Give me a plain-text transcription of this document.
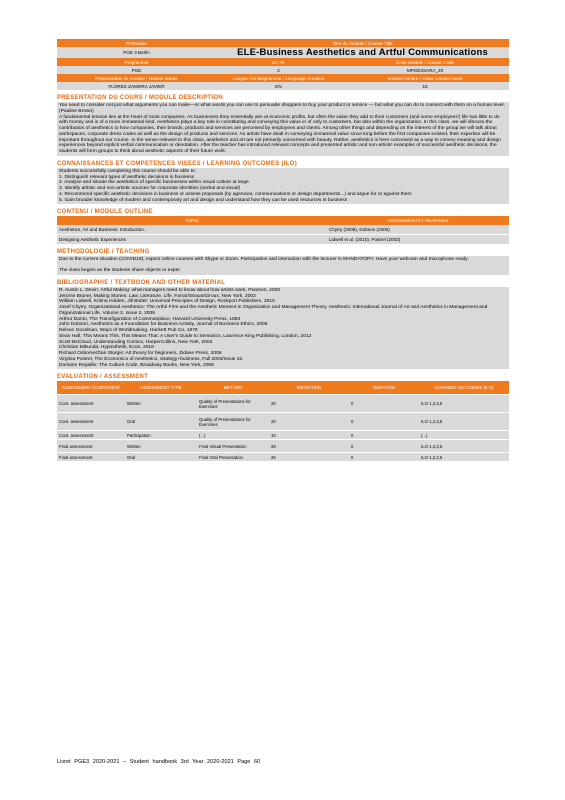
Promotion	Titre du module / Course Title	
PGE 3 Berlin	ELE-Business Aesthetics and Artful Communications	
Programme	ECTS	Code Module / Course Code
PGE	2	MPGE3SARA_20
Responsable de module / Module leader	Langue d'enseignement / Language of tuition	Volume horaire / Class contact hours
FLORES ZAMORA JAVIER	EN	15
PRESENTATION DU COURS / MODULE DESCRIPTION

You need to consider not just what arguments you can make—or what words you can use to persuade shoppers to buy your product or service — but what you can do to connect with them on a human level. (Pauline Brown)

A fundamental tension lies at the heart of most companies. As businesses they essentially aim at economic profits, but often the value they add to their customers (and some employees') life has little to do with money and is of a more immaterial kind. Aesthetics plays a key role in constituting and conveying this value in of only to customers, but also within the organization. In this class, we will discuss the contribution of aesthetics to how companies, their brands, products and services are perceived by employees and clients. Among other things and depending on the interest of the group we will talk about workspaces, corporate dress codes as well as the design of products and services. As artists have dealt in conveying immaterial value since long before the first companies existed, their expertise will be important throughout our course. In the sense relevant to this class, aesthetics and art are not primarily concerned with beauty. Rather, aesthetics is here conceived as a way to convey meaning and design experiences beyond explicit verbal communication or denotation. After the teacher has introduced relevant concepts and presented artistic and non-artistic examples of successful aesthetic decisions, the students will form groups to think about aesthetic aspects of their future work.

CONNAISSANCES ET COMPETENCES VISEES / LEARNING OUTCOMES (ILO)

Students successfully completing this course should be able to:

1. Distinguish relevant types of aesthetic decisions in business

2. Analyse and situate the aesthetics of specific businesses within visual culture at large

3. Identify artistic and non-artistic sources for corporate identities (verbal and visual)

4. Recommend specific aesthetic decisions in business or assess proposals (by agencies, communications or design departments...) and argue for or against them

5. Gain broader knowledge of modern and contemporary art and design and understand how they can be used resources in business

CONTENU / MODULE OUTLINE
TOPIC	ASSIGNMENTS / READINGS
Aesthetics, Art and Business: Introduction.	Chytry (2008), Dobson (2006)
Designing Aesthetic Experiences	Lidwell et al. (2010), Postrel (2003)
METHODOLOGIE / TEACHING

Due to the current situation (COVID19), expect online courses with Skype or Zoom. Participation and interaction with the lecturer is MANDATORY. Have your webcam and microphone ready.

The class begins as the students share objects or exper

BIBLIOGRAPHIE / TEXTBOOK AND OTHER MATERIAL

R. Austin L. Devin: Artful Making: what managers need to know about how artists work, Pearson, 2003

Jerome Bruner, Making Stories: Law, Literature, Life, Farrar/Straus/Giroux, New York, 2002

William Lidwell, Kritina Holden, Jill Butler: Universal Principles of Design, Rockport Publishers, 2010

Josef Chytry, Organizational Aesthetics: The Artful Firm and the Aesthetic Moment in Organization and Management Theory, Aesthesis: International Journal of Art and Aesthetics in Management and Organizational Life, Volume 2, Issue 2, 2008

Arthur Danto, The Transfiguration of Commonplace, Harvard University Press, 1983

John Dobson, Aesthetics as a Foundation for Business Activity, Journal of Business Ethics, 2006

Nelson Goodman, Ways of Worldmaking, Hackett Pub Co, 1978

Sean Hall, This Means This, This Means That: A User's Guide to Semiotics, Laurence King Publishing, London, 2012

Scott McCloud, Understanding Comics, HarperCollins, New York, 2004

Christian Mikunda, Hyposthetik, Econ, 2018

Richard Osborne/Dan Sturgis: Art theory for beginners, Zidane Press, 2006

Virginia Postrel, The Economics of Aesthetics, strategy+business, Fall 2003/Issue 32.

Dorlaine Repaille: The Culture Code, Broadway Books, New York, 2006

EVALUATION / ASSESSMENT
ASSESSMENT COMPONENT	ASSESSMENT TYPE	METHOD	WEIGHTING	DURATION	LEARNING OUTCOMES (ILO)
Cont. assessment	Written	Quality of Presentations for Exercises	20	0	ILO 1,2,3,5
Cont. assessment	Oral	Quality of Presentations for Exercises	20	0	ILO 1,2,3,5
Cont. assessment	Participation	(...)	10	0	(...)
Final assessment	Written	Final Visual Presentation	25	0	ILO 1,2,3,5
Final assessment	Oral	Final Oral Presentation	25	0	ILO 1,2,3,5
Livret PGE3 2020-2021 – Student handbook 3rd Year 2020-2021 Page 60
